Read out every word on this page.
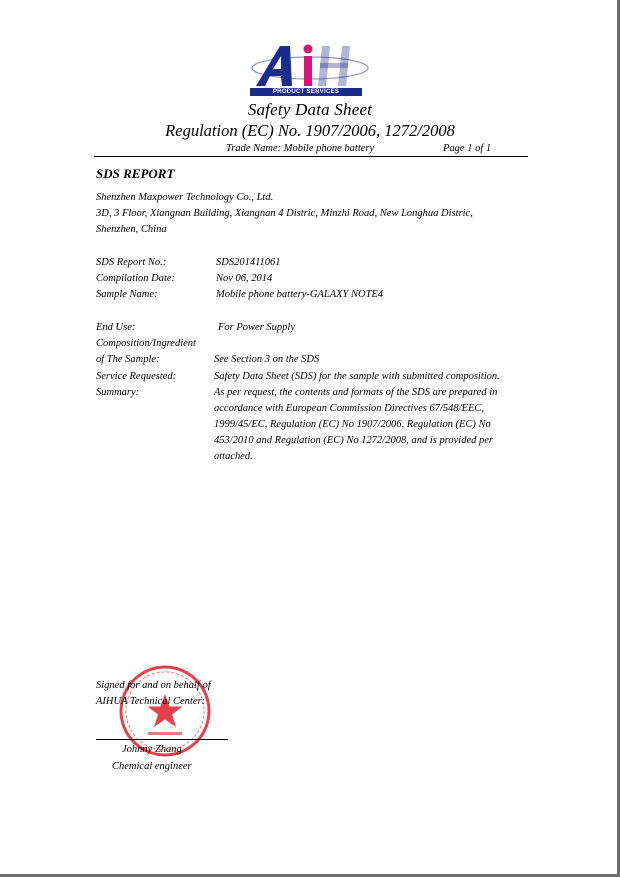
PRODUCT SERVICES
Safety Data Sheet
Regulation (EC) No. 1907/2006, 1272/2008
Trade Name: Mobile phone battery	Page 1 of 1
SDS REPORT
Shenzhen Maxpower Technology Co., Ltd.
3D, 3 Floor, Xiangnan Building, Xiangnan 4 Distric, Minzhi Road, New Longhua Distric,
Shenzhen, China
SDS Report No.:	SDS201411061
Compilation Date:	Nov 06, 2014
Sample Name:	Mobile phone battery-GALAXY NOTE4
End Use:	For Power Supply
Composition/Ingredient
of The Sample:	See Section 3 on the SDS
Service Requested:	Safety Data Sheet (SDS) for the sample with submitted composition.
Summary:	As per request, the contents and formats of the SDS are prepared in accordance with European Commission Directives 67/548/EEC, 1999/45/EC, Regulation (EC) No 1907/2006, Regulation (EC) No 453/2010 and Regulation (EC) No 1272/2008, and is provided per attached.
Signed for and on behalf of
AIHUA Technical Center:
Johnny Zhang
Chemical engineer
